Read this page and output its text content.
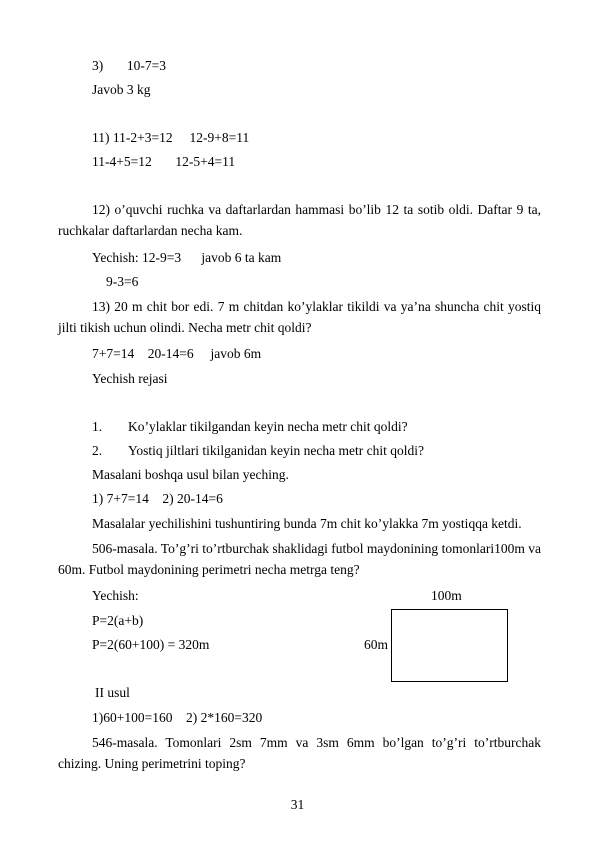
3)       10-7=3
Javob 3 kg
11) 11-2+3=12     12-9+8=11
11-4+5=12       12-5+4=11
12) o’quvchi ruchka va daftarlardan hammasi bo’lib 12 ta sotib oldi. Daftar 9 ta, ruchkalar daftarlardan necha kam.
Yechish: 12-9=3      javob 6 ta kam
9-3=6
13) 20 m chit bor edi. 7 m chitdan ko’ylaklar tikildi va ya’na shuncha chit yostiq jilti tikish uchun olindi. Necha metr chit qoldi?
7+7=14    20-14=6     javob 6m
Yechish rejasi
1. Ko’ylaklar tikilgandan keyin necha metr chit qoldi?
2. Yostiq jiltlari tikilganidan keyin necha metr chit qoldi?
Masalani boshqa usul bilan yeching.
1) 7+7=14    2) 20-14=6
Masalalar yechilishini tushuntiring bunda 7m chit ko’ylakka 7m yostiqqa ketdi.
506-masala. To’g’ri to’rtburchak shaklidagi futbol maydonining tomonlari100m va 60m. Futbol maydonining perimetri necha metrga teng?
Yechish:	100m
P=2(a+b)
P=2(60+100) = 320m	60m
II usul
1)60+100=160    2) 2*160=320
546-masala. Tomonlari 2sm 7mm va 3sm 6mm bo’lgan to’g’ri to’rtburchak chizing. Uning perimetrini toping?
31
